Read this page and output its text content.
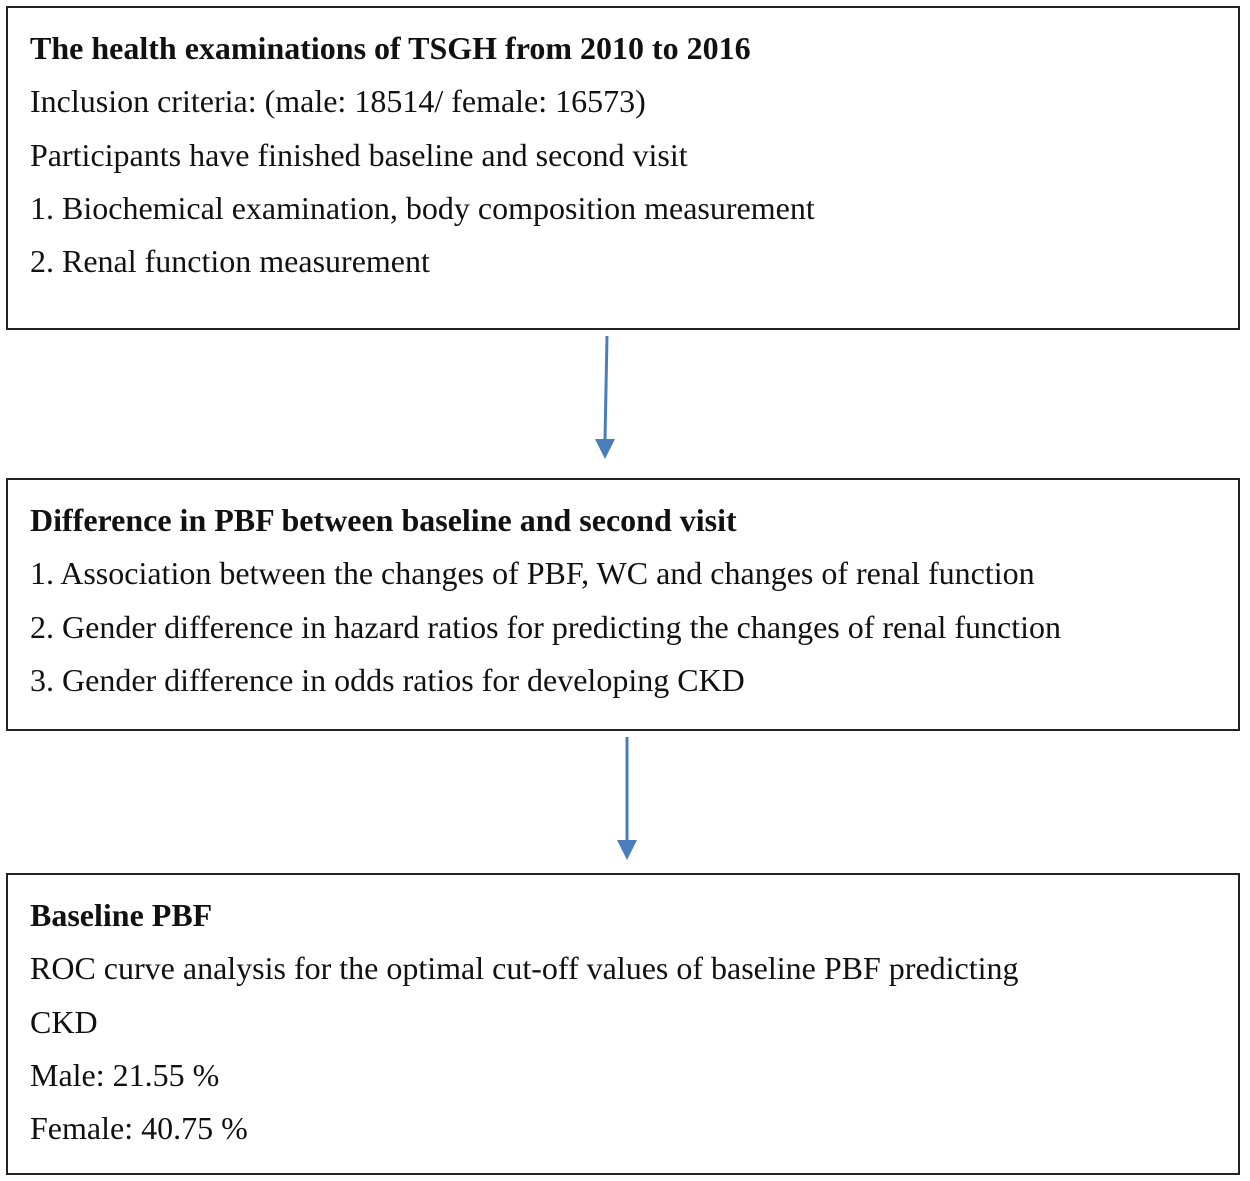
The health examinations of TSGH from 2010 to 2016

Inclusion criteria: (male: 18514/ female: 16573)

Participants have finished baseline and second visit

1. Biochemical examination, body composition measurement

2. Renal function measurement

Difference in PBF between baseline and second visit

1. Association between the changes of PBF, WC and changes of renal function

2. Gender difference in hazard ratios for predicting the changes of renal function

3. Gender difference in odds ratios for developing CKD

Baseline PBF

ROC curve analysis for the optimal cut-off values of baseline PBF predicting

CKD

Male: 21.55 %

Female: 40.75 %
